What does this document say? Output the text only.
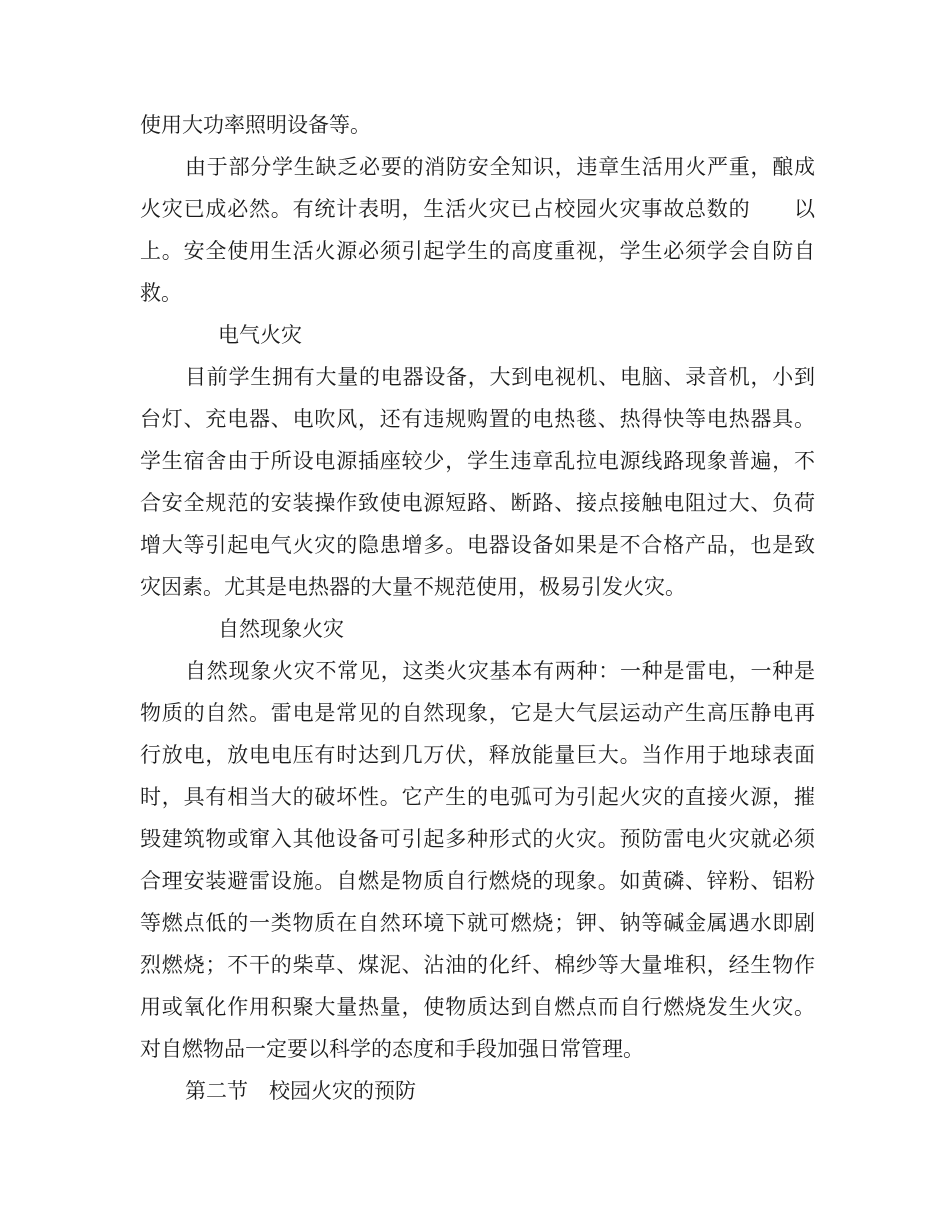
使用大功率照明设备等。
由于部分学生缺乏必要的消防安全知识，违章生活用火严重，酿成
火灾已成必然。有统计表明，生活火灾已占校园火灾事故总数的　　以
上。安全使用生活火源必须引起学生的高度重视，学生必须学会自防自
救。
电气火灾
目前学生拥有大量的电器设备，大到电视机、电脑、录音机，小到
台灯、充电器、电吹风，还有违规购置的电热毯、热得快等电热器具。
学生宿舍由于所设电源插座较少，学生违章乱拉电源线路现象普遍，不
合安全规范的安装操作致使电源短路、断路、接点接触电阻过大、负荷
增大等引起电气火灾的隐患增多。电器设备如果是不合格产品，也是致
灾因素。尤其是电热器的大量不规范使用，极易引发火灾。
自然现象火灾
自然现象火灾不常见，这类火灾基本有两种：一种是雷电，一种是
物质的自然。雷电是常见的自然现象，它是大气层运动产生高压静电再
行放电，放电电压有时达到几万伏，释放能量巨大。当作用于地球表面
时，具有相当大的破坏性。它产生的电弧可为引起火灾的直接火源，摧
毁建筑物或窜入其他设备可引起多种形式的火灾。预防雷电火灾就必须
合理安装避雷设施。自燃是物质自行燃烧的现象。如黄磷、锌粉、铝粉
等燃点低的一类物质在自然环境下就可燃烧；钾、钠等碱金属遇水即剧
烈燃烧；不干的柴草、煤泥、沾油的化纤、棉纱等大量堆积，经生物作
用或氧化作用积聚大量热量，使物质达到自燃点而自行燃烧发生火灾。
对自燃物品一定要以科学的态度和手段加强日常管理。
第二节　校园火灾的预防
